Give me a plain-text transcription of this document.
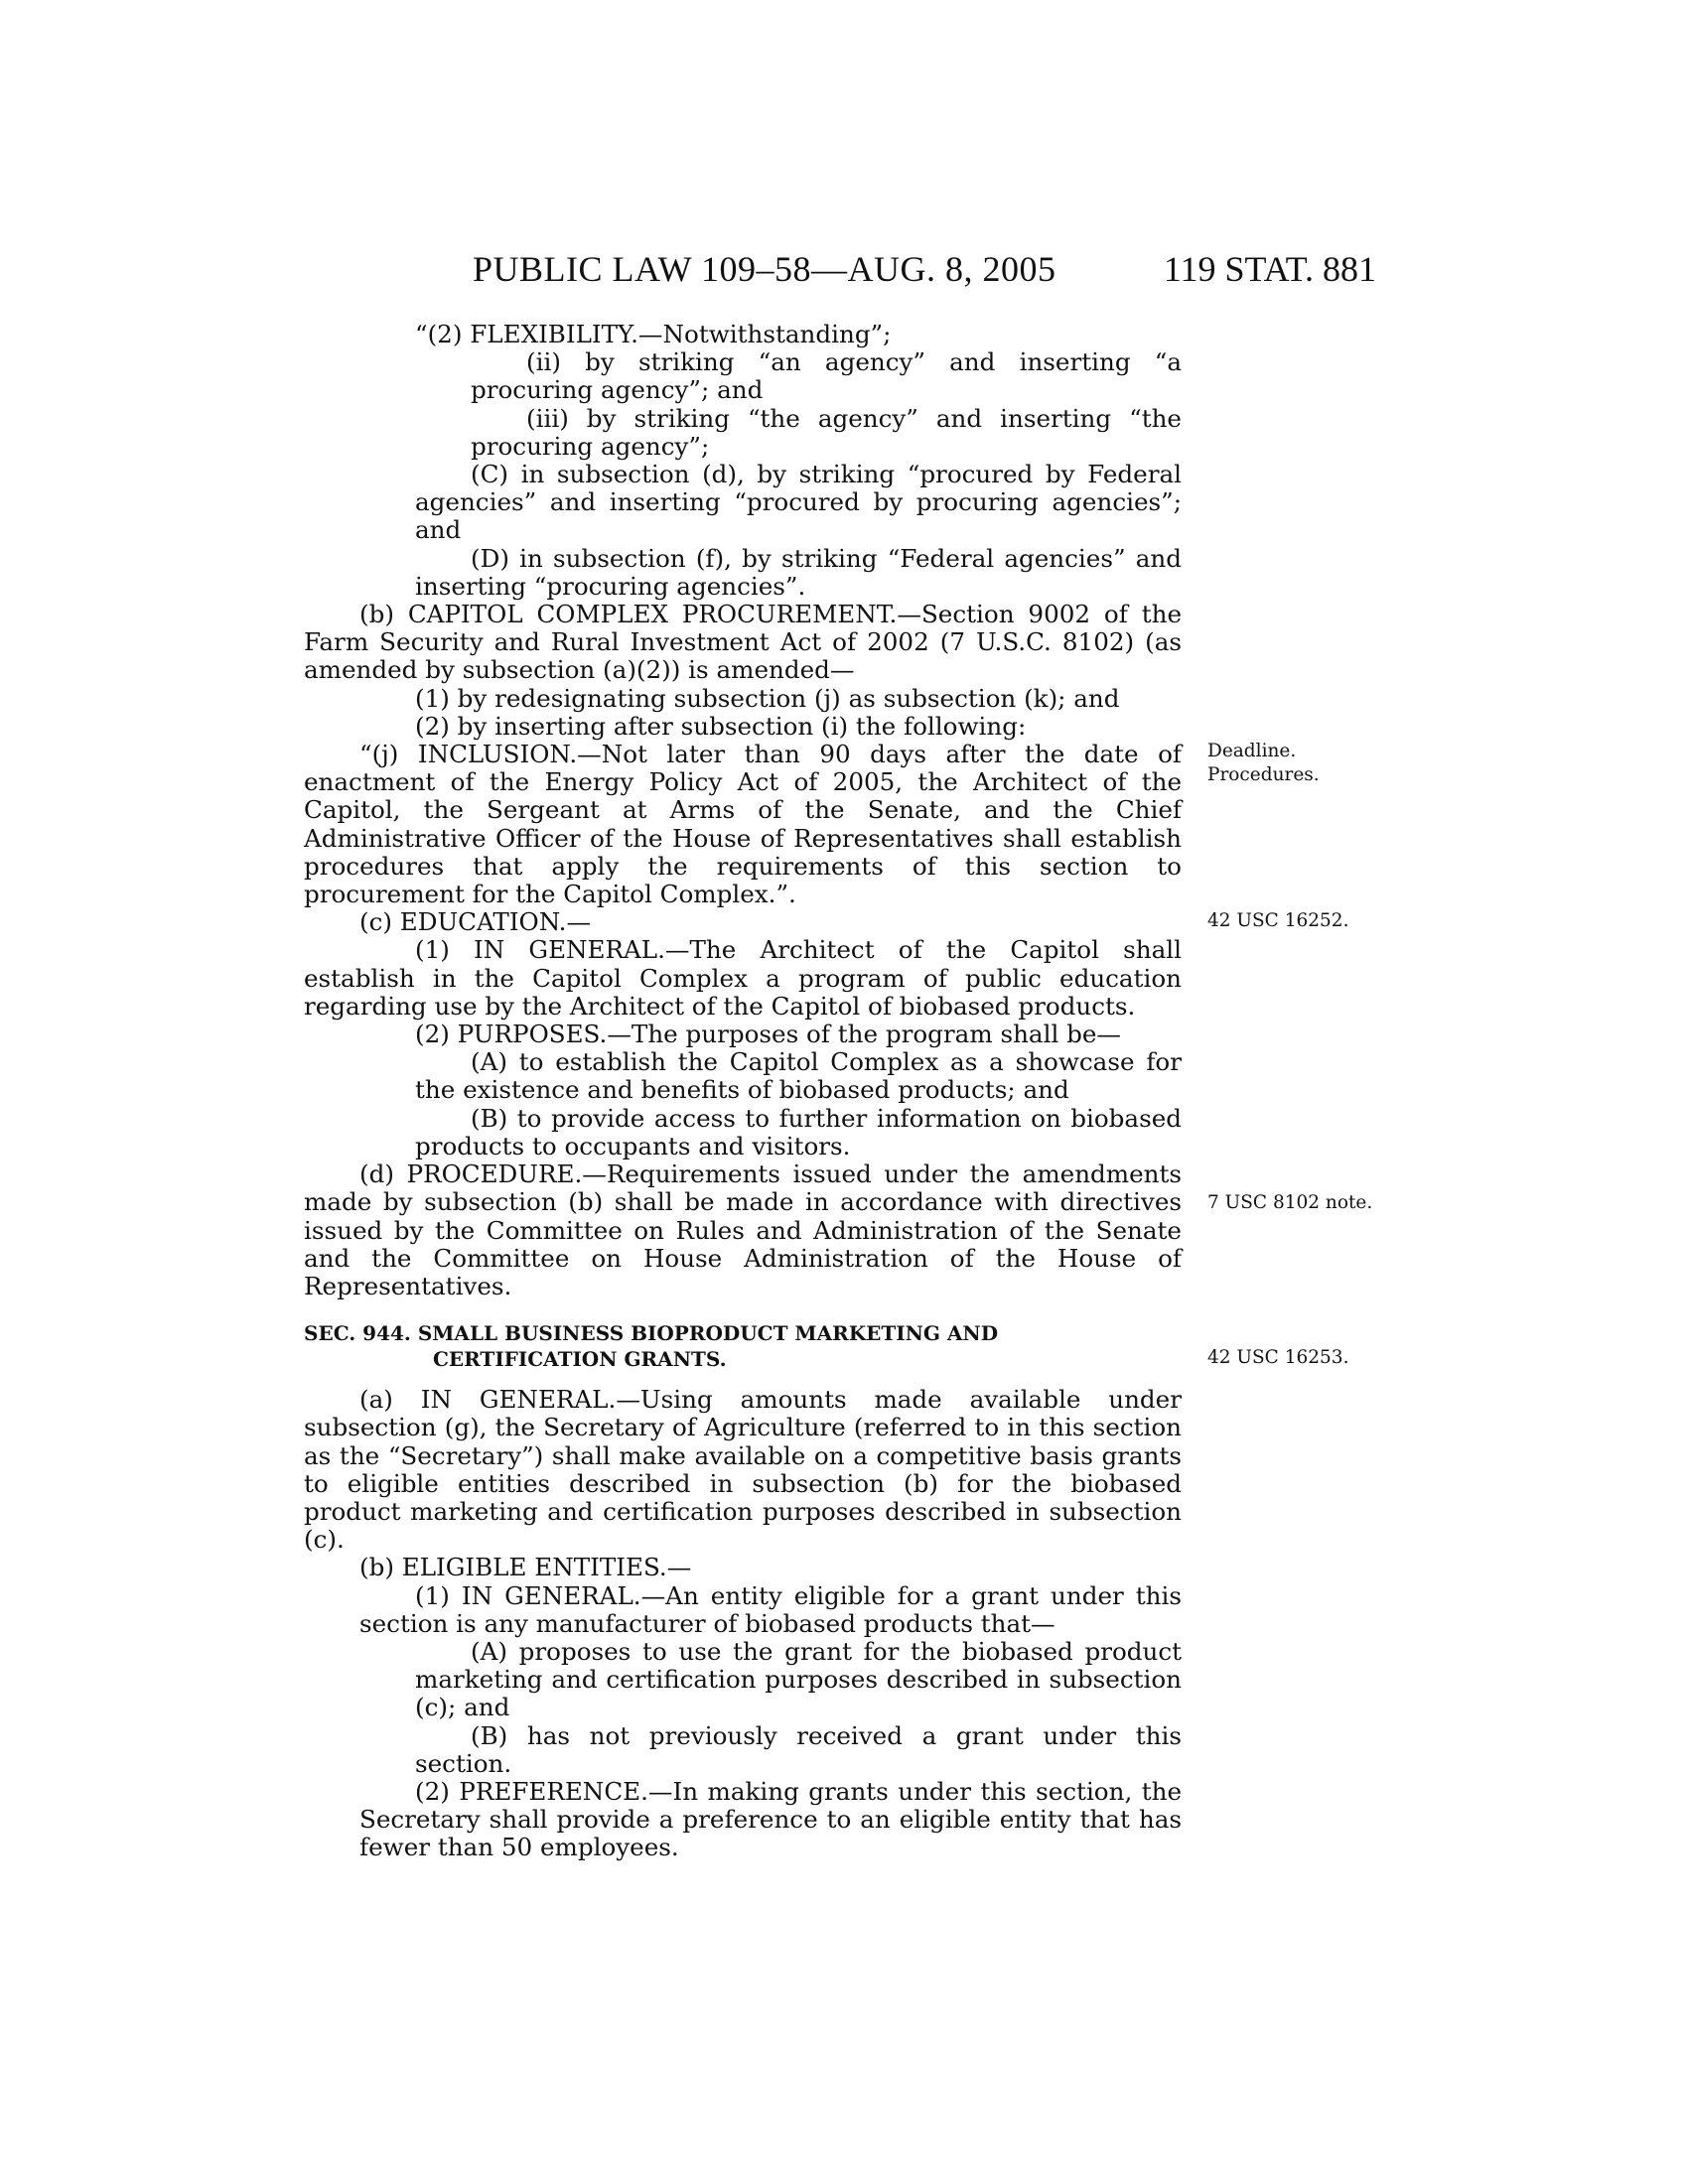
PUBLIC LAW 109–58—AUG. 8, 2005	119 STAT. 881

“(2) FLEXIBILITY.—Notwithstanding”;

(ii) by striking “an agency” and inserting “a procuring agency”; and

(iii) by striking “the agency” and inserting “the procuring agency”;

(C) in subsection (d), by striking “procured by Federal agencies” and inserting “procured by procuring agencies”; and

(D) in subsection (f), by striking “Federal agencies” and inserting “procuring agencies”.

(b) CAPITOL COMPLEX PROCUREMENT.—Section 9002 of the Farm Security and Rural Investment Act of 2002 (7 U.S.C. 8102) (as amended by subsection (a)(2)) is amended—

(1) by redesignating subsection (j) as subsection (k); and

(2) by inserting after subsection (i) the following:

“(j) INCLUSION.—Not later than 90 days after the date of enactment of the Energy Policy Act of 2005, the Architect of the Capitol, the Sergeant at Arms of the Senate, and the Chief Administrative Officer of the House of Representatives shall establish procedures that apply the requirements of this section to procurement for the Capitol Complex.”.

(c) EDUCATION.—

(1) IN GENERAL.—The Architect of the Capitol shall establish in the Capitol Complex a program of public education regarding use by the Architect of the Capitol of biobased products.

(2) PURPOSES.—The purposes of the program shall be—

(A) to establish the Capitol Complex as a showcase for the existence and benefits of biobased products; and

(B) to provide access to further information on biobased products to occupants and visitors.

(d) PROCEDURE.—Requirements issued under the amendments made by subsection (b) shall be made in accordance with directives issued by the Committee on Rules and Administration of the Senate and the Committee on House Administration of the House of Representatives.

SEC. 944. SMALL BUSINESS BIOPRODUCT MARKETING AND CERTIFICATION GRANTS.

(a) IN GENERAL.—Using amounts made available under subsection (g), the Secretary of Agriculture (referred to in this section as the “Secretary”) shall make available on a competitive basis grants to eligible entities described in subsection (b) for the biobased product marketing and certification purposes described in subsection (c).

(b) ELIGIBLE ENTITIES.—

(1) IN GENERAL.—An entity eligible for a grant under this section is any manufacturer of biobased products that—

(A) proposes to use the grant for the biobased product marketing and certification purposes described in subsection (c); and

(B) has not previously received a grant under this section.

(2) PREFERENCE.—In making grants under this section, the Secretary shall provide a preference to an eligible entity that has fewer than 50 employees.

Deadline.
Procedures.
42 USC 16252.
7 USC 8102 note.
42 USC 16253.
